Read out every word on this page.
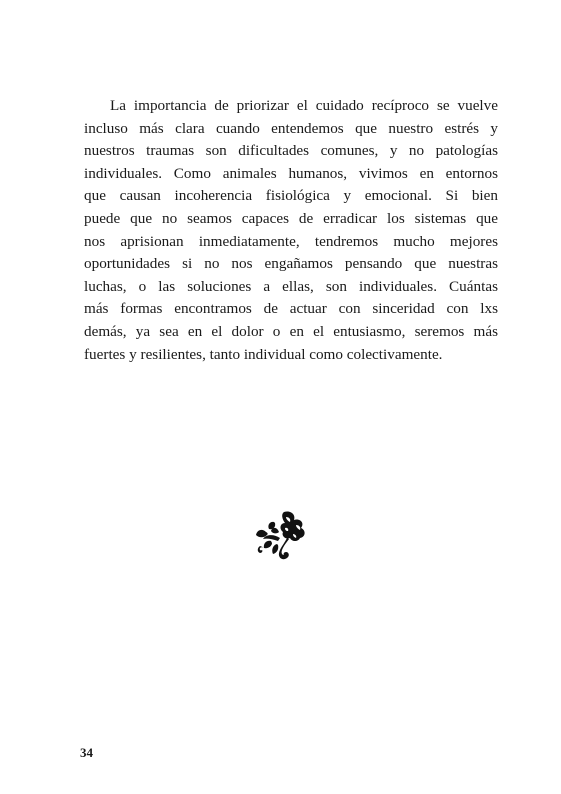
La importancia de priorizar el cuidado recíproco se vuelve
incluso más clara cuando entendemos que nuestro estrés y
nuestros traumas son dificultades comunes, y no patologías
individuales. Como animales humanos, vivimos en entornos
que causan incoherencia fisiológica y emocional. Si bien
puede que no seamos capaces de erradicar los sistemas que
nos aprisionan inmediatamente, tendremos mucho mejores
oportunidades si no nos engañamos pensando que nuestras
luchas, o las soluciones a ellas, son individuales. Cuántas
más formas encontramos de actuar con sinceridad con lxs
demás, ya sea en el dolor o en el entusiasmo, seremos más
fuertes y resilientes, tanto individual como colectivamente.

34
